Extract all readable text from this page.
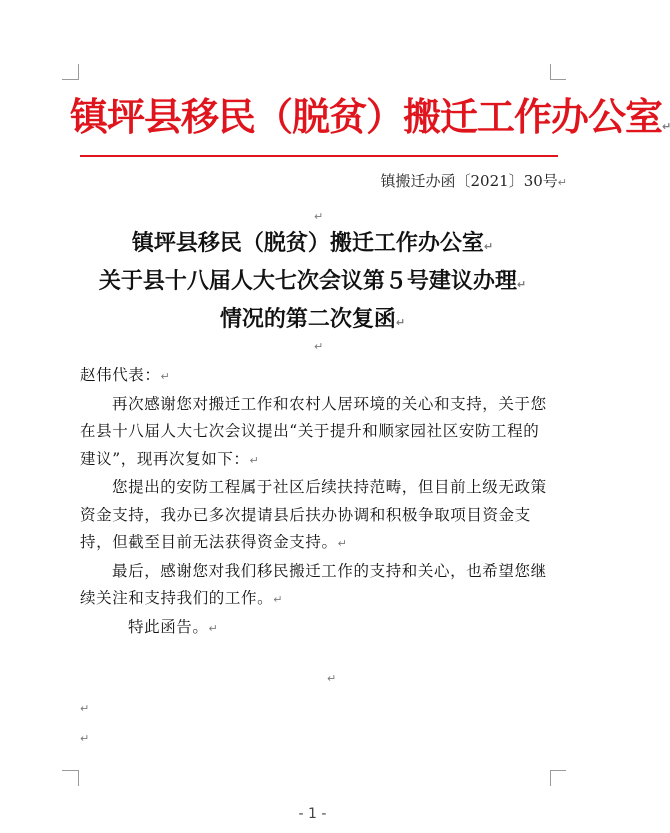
镇坪县移民（脱贫）搬迁工作办公室↵
镇搬迁办函〔2021〕30号↵
↵
镇坪县移民（脱贫）搬迁工作办公室↵
关于县十八届人大七次会议第５号建议办理↵
情况的第二次复函↵
↵

赵伟代表：↵

再次感谢您对搬迁工作和农村人居环境的关心和支持，关于您在县十八届人大七次会议提出“关于提升和顺家园社区安防工程的建议”，现再次复如下：↵

您提出的安防工程属于社区后续扶持范畴，但目前上级无政策资金支持，我办已多次提请县后扶办协调和积极争取项目资金支持，但截至目前无法获得资金支持。↵

最后，感谢您对我们移民搬迁工作的支持和关心，也希望您继续关注和支持我们的工作。↵

特此函告。↵

↵
↵
↵
- 1 -
